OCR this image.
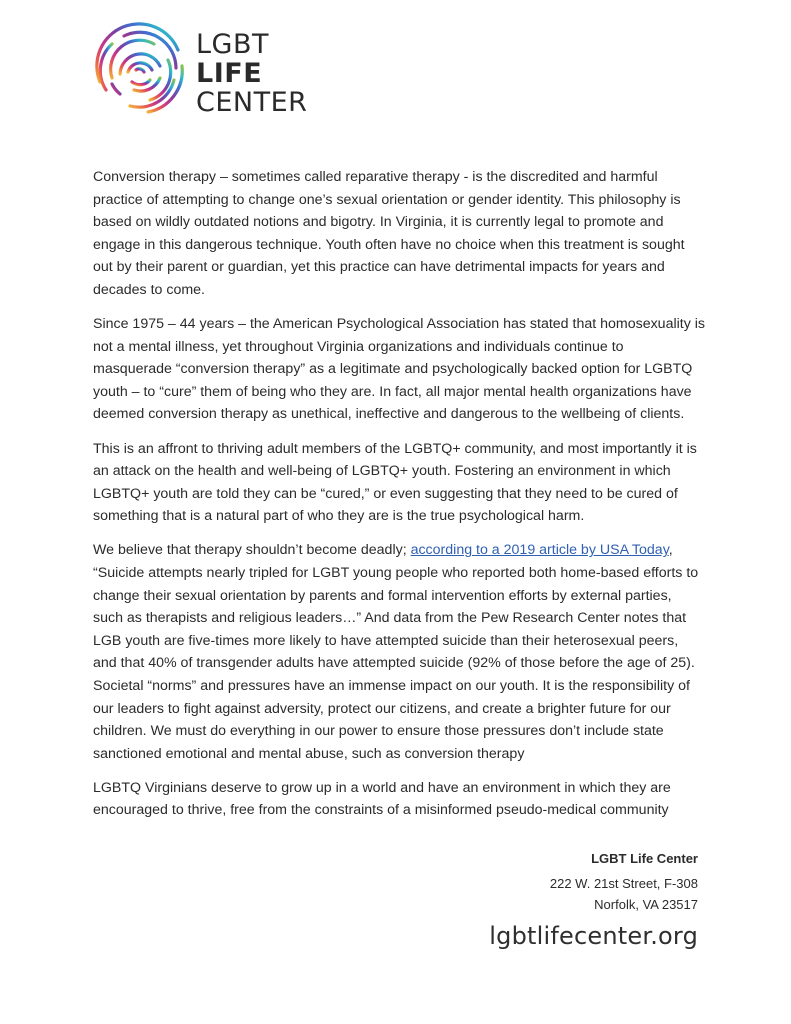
LGBT
LIFE
CENTER

Conversion therapy – sometimes called reparative therapy - is the discredited and harmful practice of attempting to change one’s sexual orientation or gender identity. This philosophy is based on wildly outdated notions and bigotry. In Virginia, it is currently legal to promote and engage in this dangerous technique. Youth often have no choice when this treatment is sought out by their parent or guardian, yet this practice can have detrimental impacts for years and decades to come.

Since 1975 – 44 years – the American Psychological Association has stated that homosexuality is not a mental illness, yet throughout Virginia organizations and individuals continue to masquerade “conversion therapy” as a legitimate and psychologically backed option for LGBTQ youth – to “cure” them of being who they are. In fact, all major mental health organizations have deemed conversion therapy as unethical, ineffective and dangerous to the wellbeing of clients.

This is an affront to thriving adult members of the LGBTQ+ community, and most importantly it is an attack on the health and well-being of LGBTQ+ youth. Fostering an environment in which LGBTQ+ youth are told they can be “cured,” or even suggesting that they need to be cured of something that is a natural part of who they are is the true psychological harm.

We believe that therapy shouldn’t become deadly; according to a 2019 article by USA Today, “Suicide attempts nearly tripled for LGBT young people who reported both home-based efforts to change their sexual orientation by parents and formal intervention efforts by external parties, such as therapists and religious leaders…” And data from the Pew Research Center notes that LGB youth are five-times more likely to have attempted suicide than their heterosexual peers, and that 40% of transgender adults have attempted suicide (92% of those before the age of 25). Societal “norms” and pressures have an immense impact on our youth. It is the responsibility of our leaders to fight against adversity, protect our citizens, and create a brighter future for our children. We must do everything in our power to ensure those pressures don’t include state sanctioned emotional and mental abuse, such as conversion therapy

LGBTQ Virginians deserve to grow up in a world and have an environment in which they are encouraged to thrive, free from the constraints of a misinformed pseudo-medical community

LGBT Life Center
222 W. 21st Street, F-308
Norfolk, VA 23517
lgbtlifecenter.org
